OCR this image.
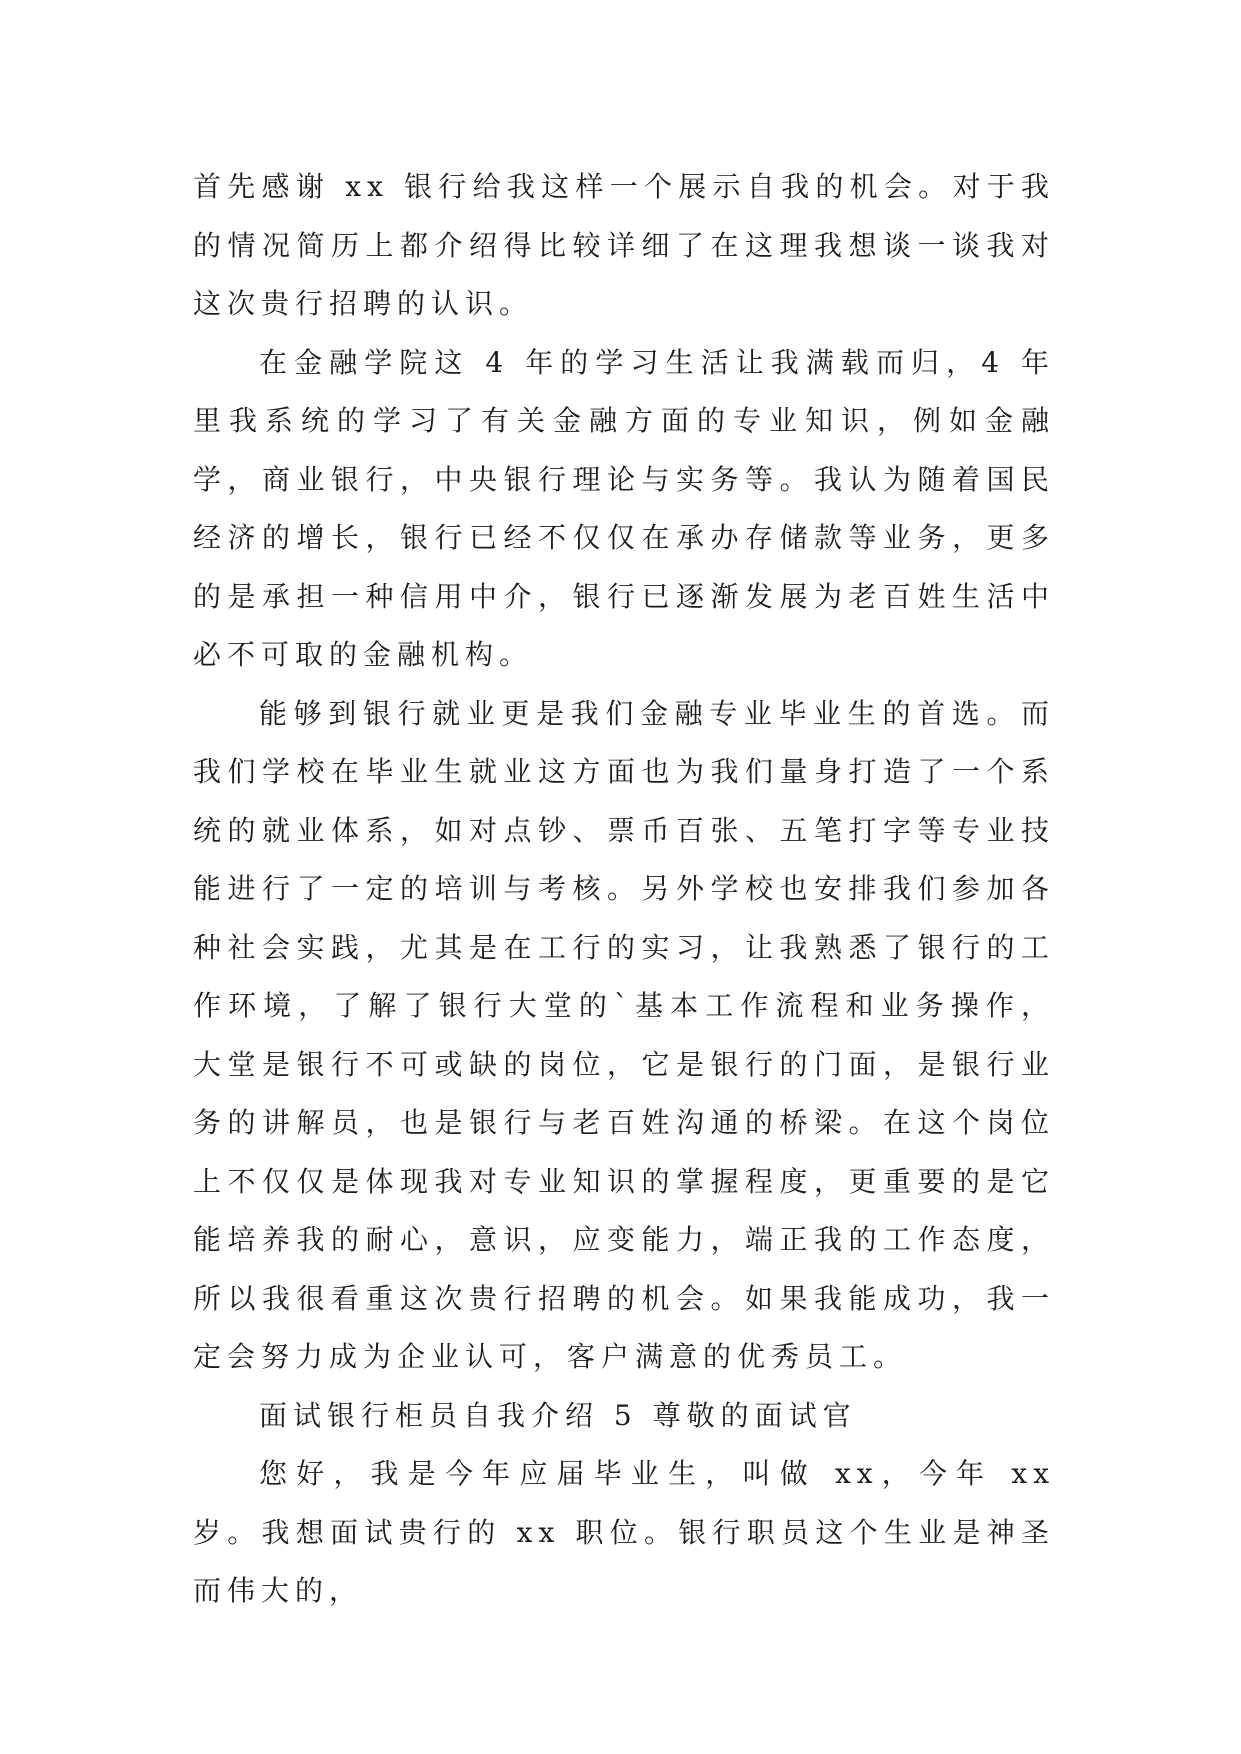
首先感谢 xx 银行给我这样一个展示自我的机会。对于我的情况简历上都介绍得比较详细了在这理我想谈一谈我对这次贵行招聘的认识。

在金融学院这 4 年的学习生活让我满载而归，4 年里我系统的学习了有关金融方面的专业知识，例如金融学，商业银行，中央银行理论与实务等。我认为随着国民经济的增长，银行已经不仅仅在承办存储款等业务，更多的是承担一种信用中介，银行已逐渐发展为老百姓生活中必不可取的金融机构。

能够到银行就业更是我们金融专业毕业生的首选。而我们学校在毕业生就业这方面也为我们量身打造了一个系统的就业体系，如对点钞、票币百张、五笔打字等专业技能进行了一定的培训与考核。另外学校也安排我们参加各种社会实践，尤其是在工行的实习，让我熟悉了银行的工作环境，了解了银行大堂的`基本工作流程和业务操作，大堂是银行不可或缺的岗位，它是银行的门面，是银行业务的讲解员，也是银行与老百姓沟通的桥梁。在这个岗位上不仅仅是体现我对专业知识的掌握程度，更重要的是它能培养我的耐心，意识，应变能力，端正我的工作态度，所以我很看重这次贵行招聘的机会。如果我能成功，我一定会努力成为企业认可，客户满意的优秀员工。

面试银行柜员自我介绍 5 尊敬的面试官

您好，我是今年应届毕业生，叫做 xx，今年 xx 岁。我想面试贵行的 xx 职位。银行职员这个生业是神圣而伟大的，
